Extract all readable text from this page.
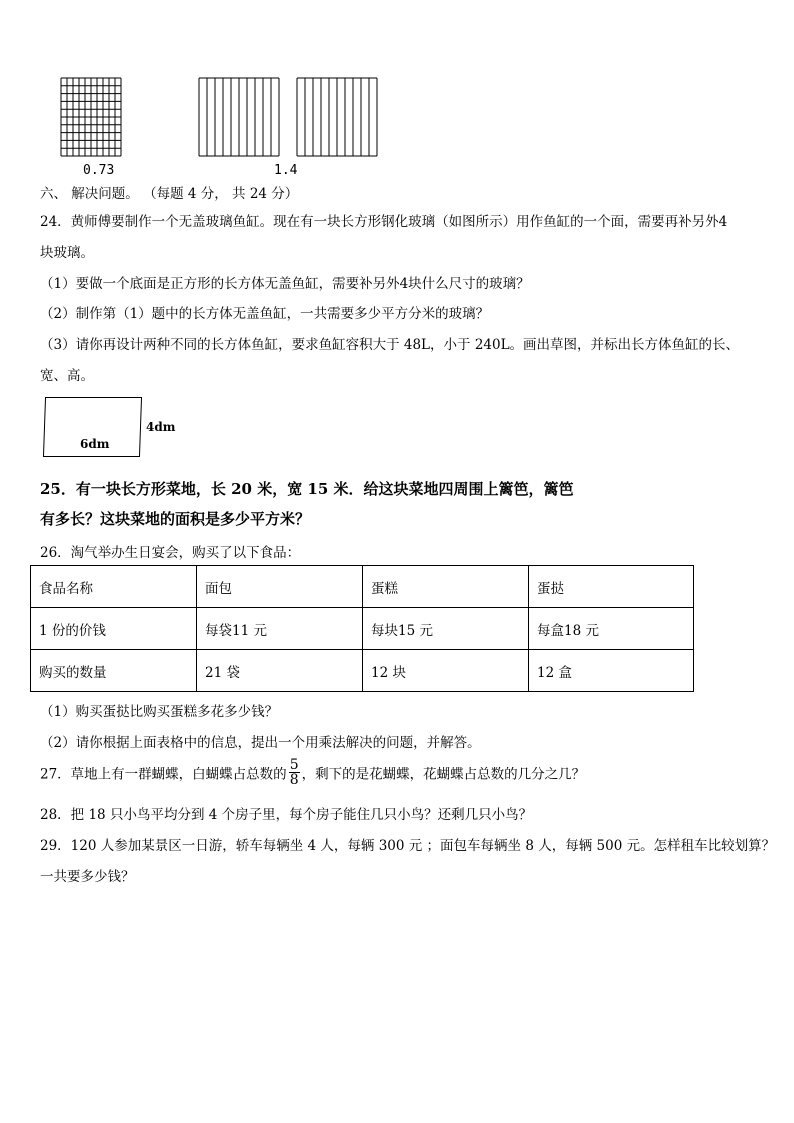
0.73	1.4
六、 解决问题。 （每题 4 分， 共 24 分）
24．黄师傅要制作一个无盖玻璃鱼缸。现在有一块长方形钢化玻璃（如图所示）用作鱼缸的一个面，需要再补另外4
块玻璃。
（1）要做一个底面是正方形的长方体无盖鱼缸，需要补另外4块什么尺寸的玻璃？
（2）制作第（1）题中的长方体无盖鱼缸，一共需要多少平方分米的玻璃？
（3）请你再设计两种不同的长方体鱼缸，要求鱼缸容积大于 48L，小于 240L。画出草图，并标出长方体鱼缸的长、
宽、高。
6dm
4dm
25．有一块长方形菜地，长 20 米，宽 15 米．给这块菜地四周围上篱笆，篱笆
有多长？这块菜地的面积是多少平方米？
26．淘气举办生日宴会，购买了以下食品：
食品名称	面包	蛋糕	蛋挞
1 份的价钱	每袋11 元	每块15 元	每盒18 元
购买的数量	21 袋	12 块	12 盒
（1）购买蛋挞比购买蛋糕多花多少钱？
（2）请你根据上面表格中的信息，提出一个用乘法解决的问题，并解答。
27．草地上有一群蝴蝶，白蝴蝶占总数的 $\frac{5}{8}$ ，剩下的是花蝴蝶，花蝴蝶占总数的几分之几？
28．把 18 只小鸟平均分到 4 个房子里，每个房子能住几只小鸟？还剩几只小鸟？
29．120 人参加某景区一日游，轿车每辆坐 4 人，每辆 300 元 ；面包车每辆坐 8 人，每辆 500 元。怎样租车比较划算？
一共要多少钱？
